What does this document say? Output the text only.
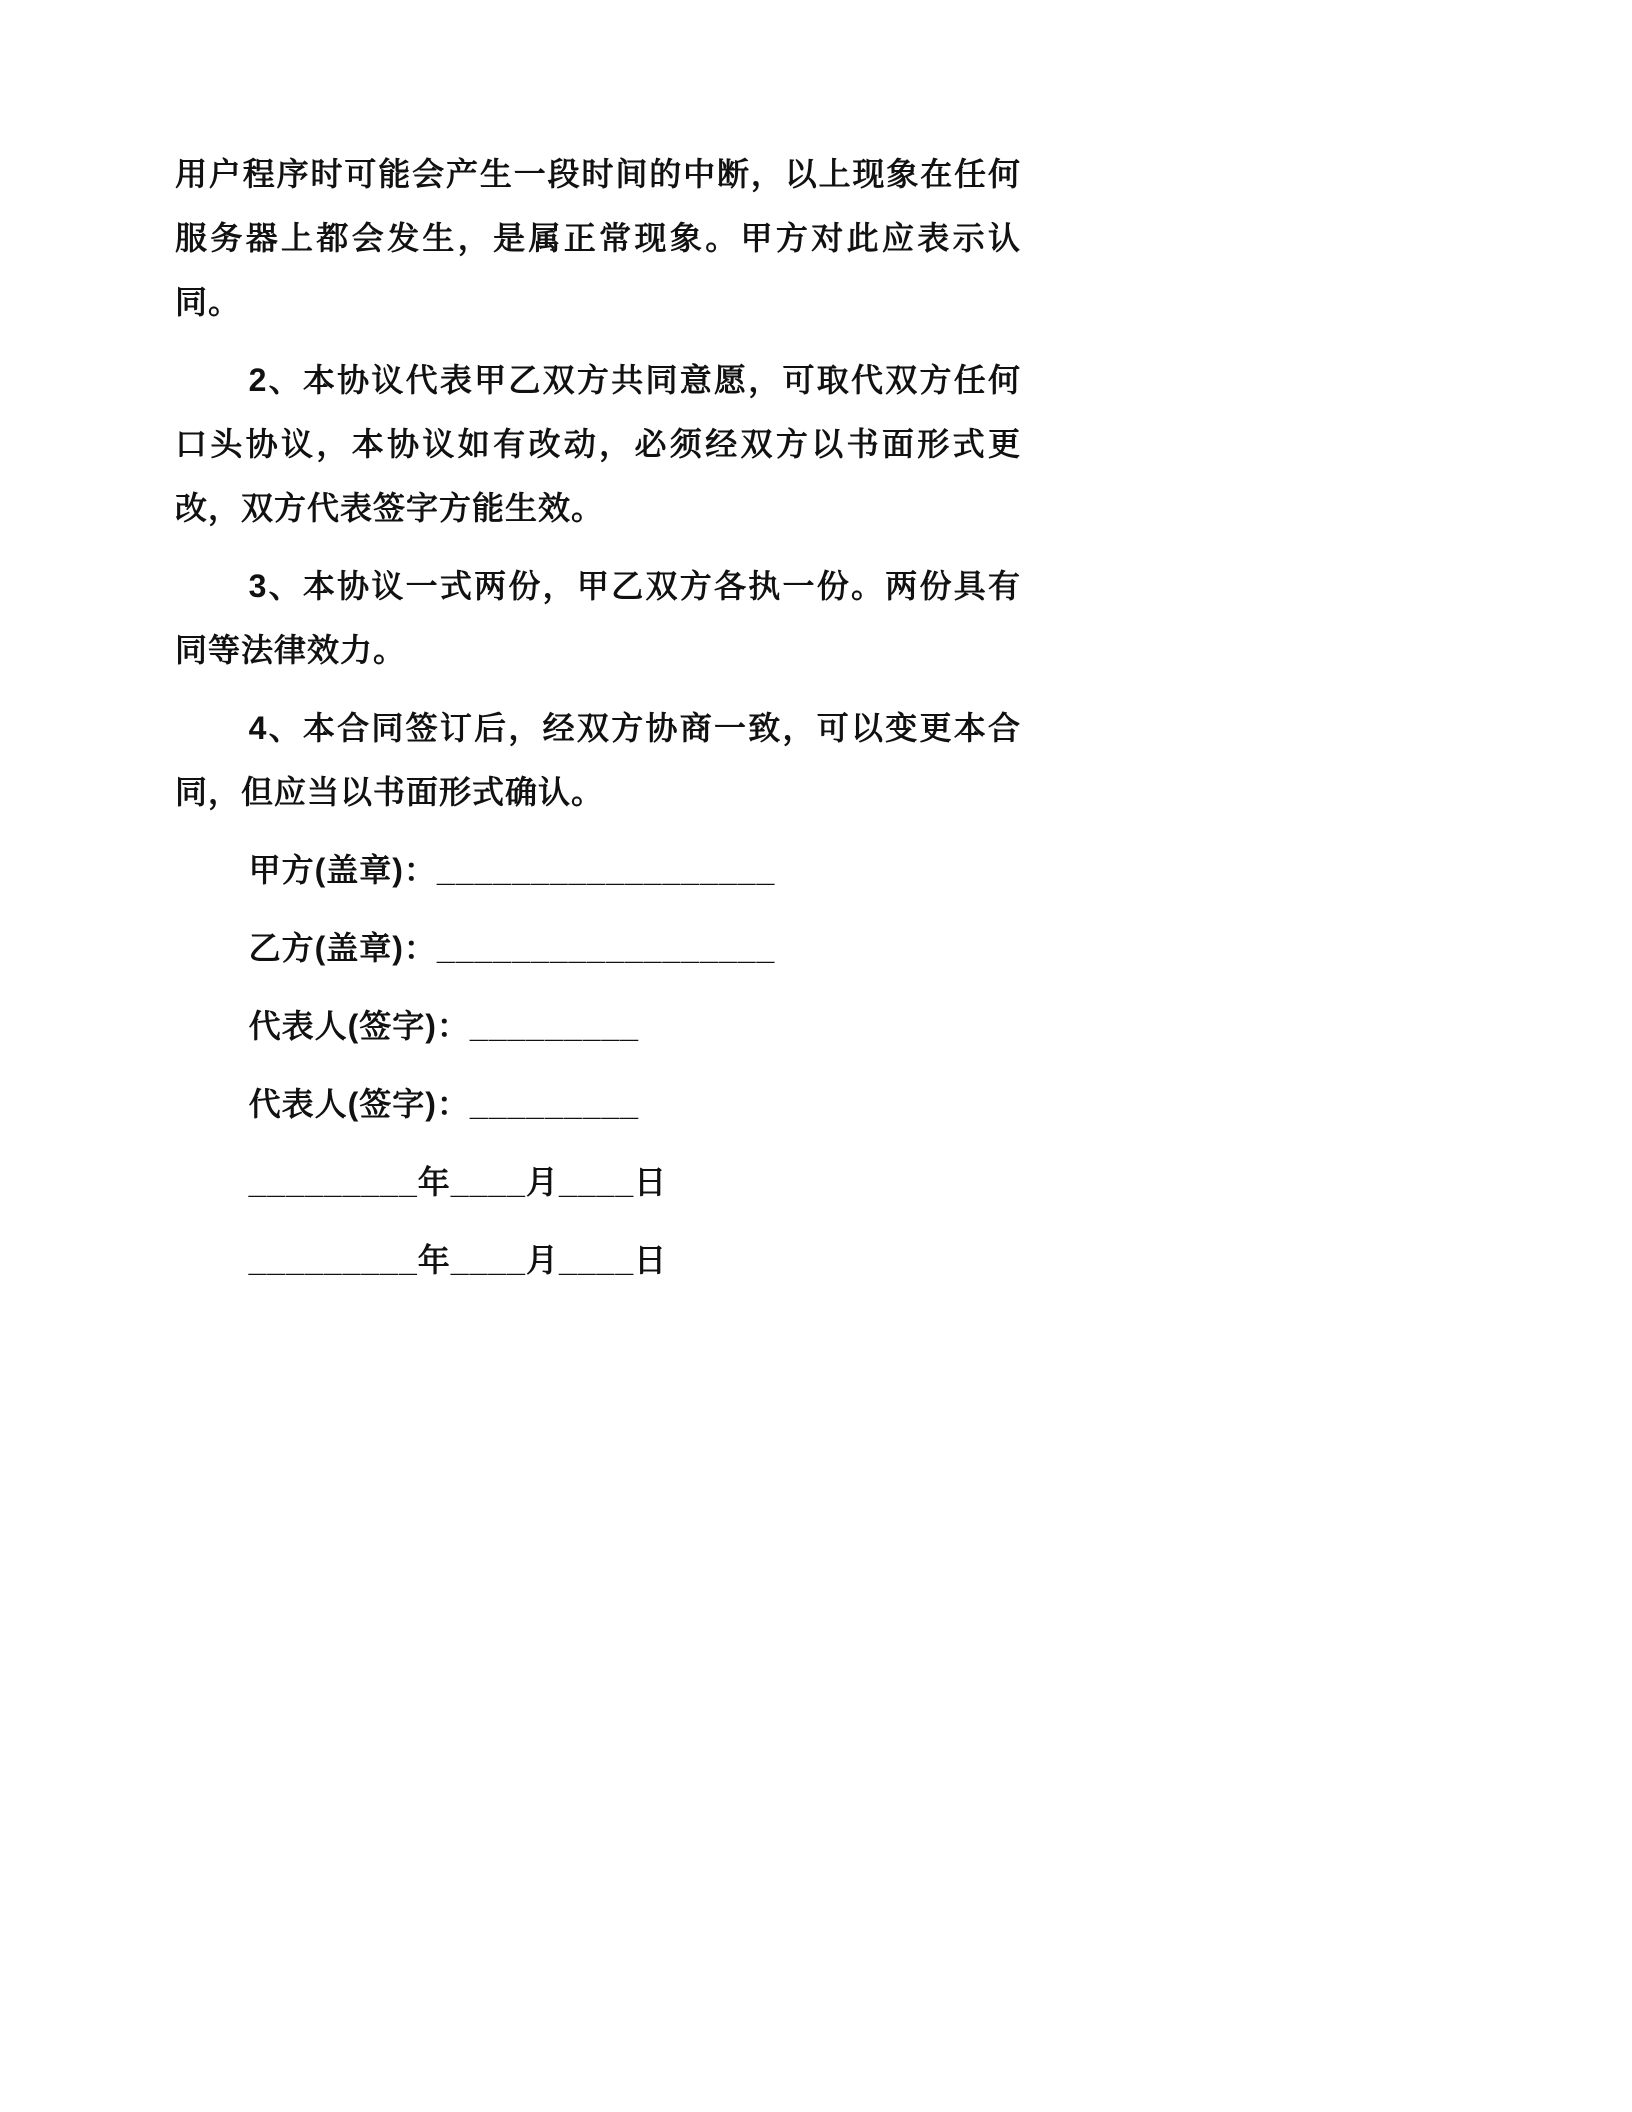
用户程序时可能会产生一段时间的中断，以上现象在任何服务器上都会发生，是属正常现象。甲方对此应表示认同。

2、本协议代表甲乙双方共同意愿，可取代双方任何口头协议，本协议如有改动，必须经双方以书面形式更改，双方代表签字方能生效。

3、本协议一式两份，甲乙双方各执一份。两份具有同等法律效力。

4、本合同签订后，经双方协商一致，可以变更本合同，但应当以书面形式确认。

甲方(盖章)：__________________

乙方(盖章)：__________________

代表人(签字)：_________

代表人(签字)：_________

_________年____月____日

_________年____月____日
